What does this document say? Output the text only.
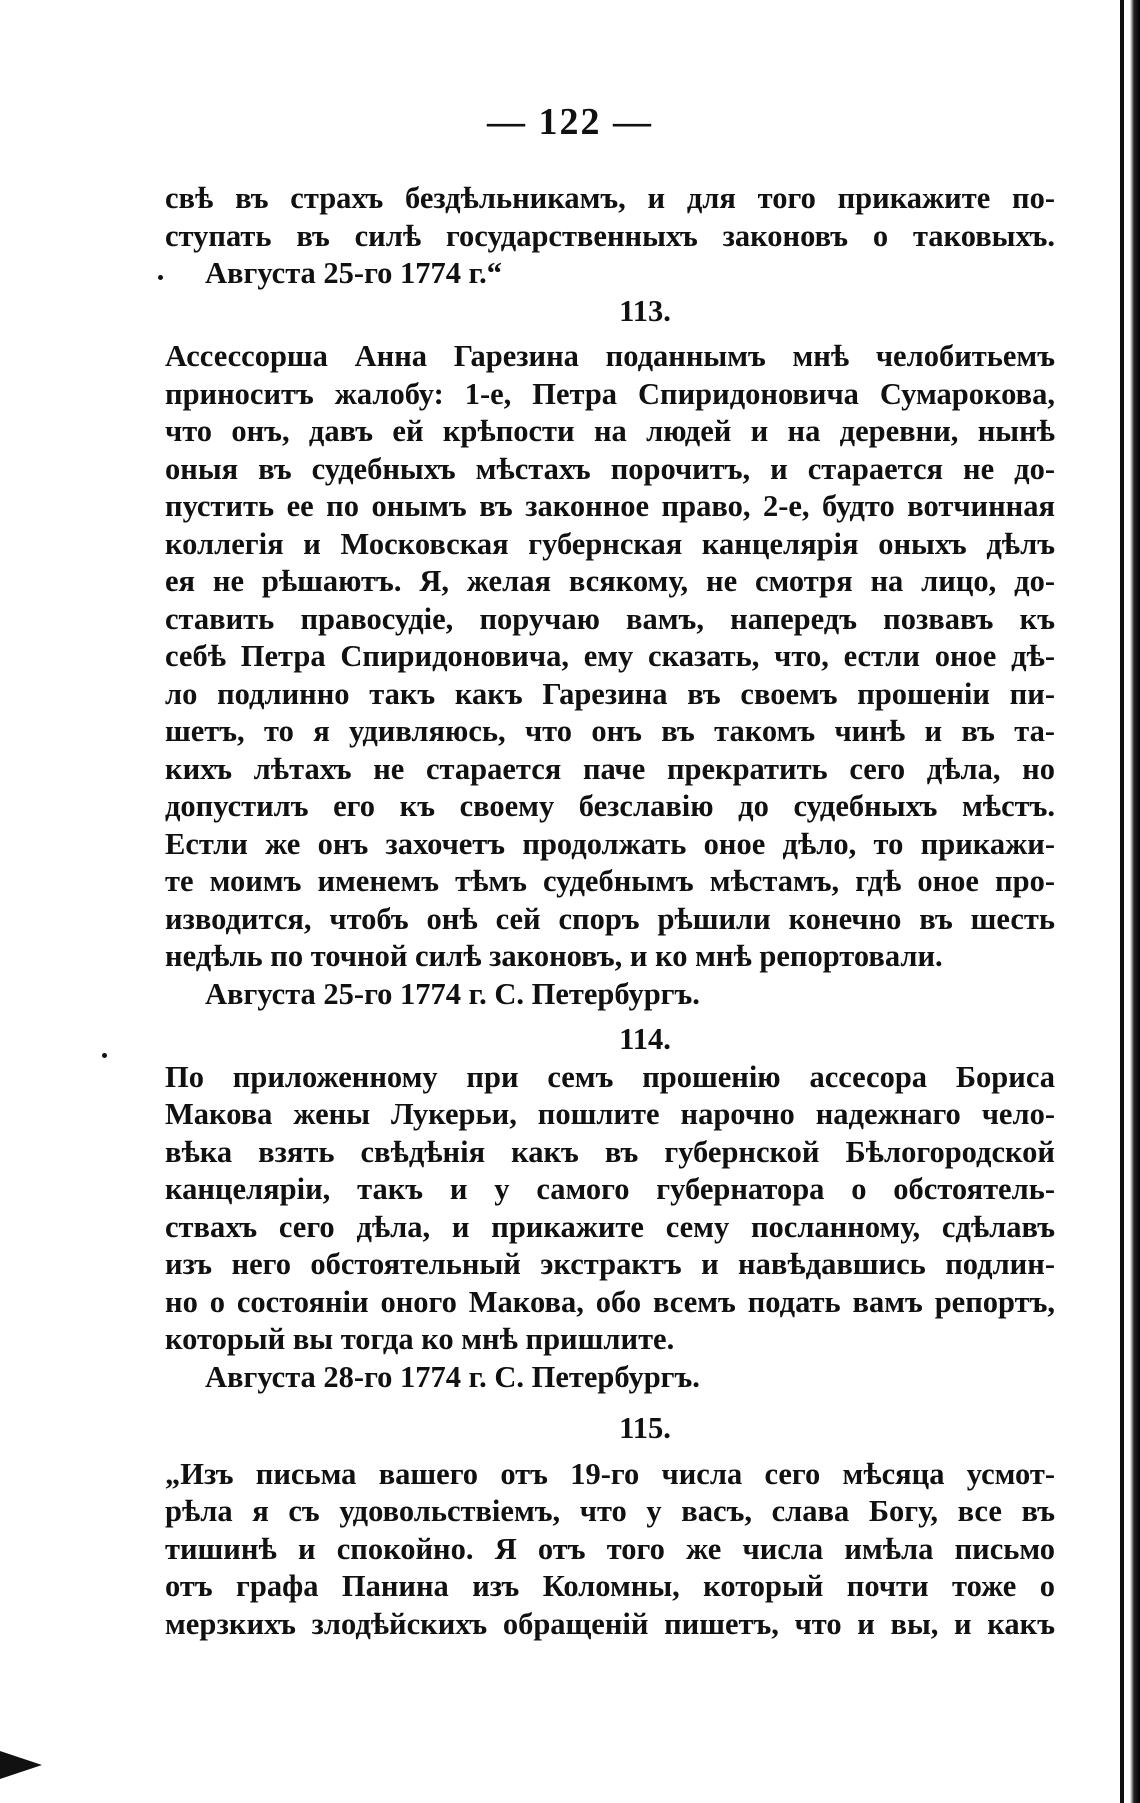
— 122 —
свѣ въ страхъ бездѣльникамъ, и для того прикажите по-
ступать въ силѣ государственныхъ законовъ о таковыхъ.
Августа 25-го 1774 г.“
113.
Ассессорша Анна Гарезина поданнымъ мнѣ челобитьемъ
приноситъ жалобу: 1-е, Петра Спиридоновича Сумарокова,
что онъ, давъ ей крѣпости на людей и на деревни, нынѣ
оныя въ судебныхъ мѣстахъ порочитъ, и старается не до-
пустить ее по онымъ въ законное право, 2-е, будто вотчинная
коллегія и Московская губернская канцелярія оныхъ дѣлъ
ея не рѣшаютъ. Я, желая всякому, не смотря на лицо, до-
ставить правосудіе, поручаю вамъ, напередъ позвавъ къ
себѣ Петра Спиридоновича, ему сказать, что, естли оное дѣ-
ло подлинно такъ какъ Гарезина въ своемъ прошеніи пи-
шетъ, то я удивляюсь, что онъ въ такомъ чинѣ и въ та-
кихъ лѣтахъ не старается паче прекратить сего дѣла, но
допустилъ его къ своему безславію до судебныхъ мѣстъ.
Естли же онъ захочетъ продолжать оное дѣло, то прикажи-
те моимъ именемъ тѣмъ судебнымъ мѣстамъ, гдѣ оное про-
изводится, чтобъ онѣ сей споръ рѣшили конечно въ шесть
недѣль по точной силѣ законовъ, и ко мнѣ репортовали.
Августа 25-го 1774 г. С. Петербургъ.
114.
По приложенному при семъ прошенію ассесора Бориса
Макова жены Лукерьи, пошлите нарочно надежнаго чело-
вѣка взять свѣдѣнія какъ въ губернской Бѣлогородской
канцеляріи, такъ и у самого губернатора о обстоятель-
ствахъ сего дѣла, и прикажите сему посланному, сдѣлавъ
изъ него обстоятельный экстрактъ и навѣдавшись подлин-
но о состояніи оного Макова, обо всемъ подать вамъ репортъ,
который вы тогда ко мнѣ пришлите.
Августа 28-го 1774 г. С. Петербургъ.
115.
„Изъ письма вашего отъ 19-го числа сего мѣсяца усмот-
рѣла я съ удовольствіемъ, что у васъ, слава Богу, все въ
тишинѣ и спокойно. Я отъ того же числа имѣла письмо
отъ графа Панина изъ Коломны, который почти тоже о
мерзкихъ злодѣйскихъ обращеній пишетъ, что и вы, и какъ
